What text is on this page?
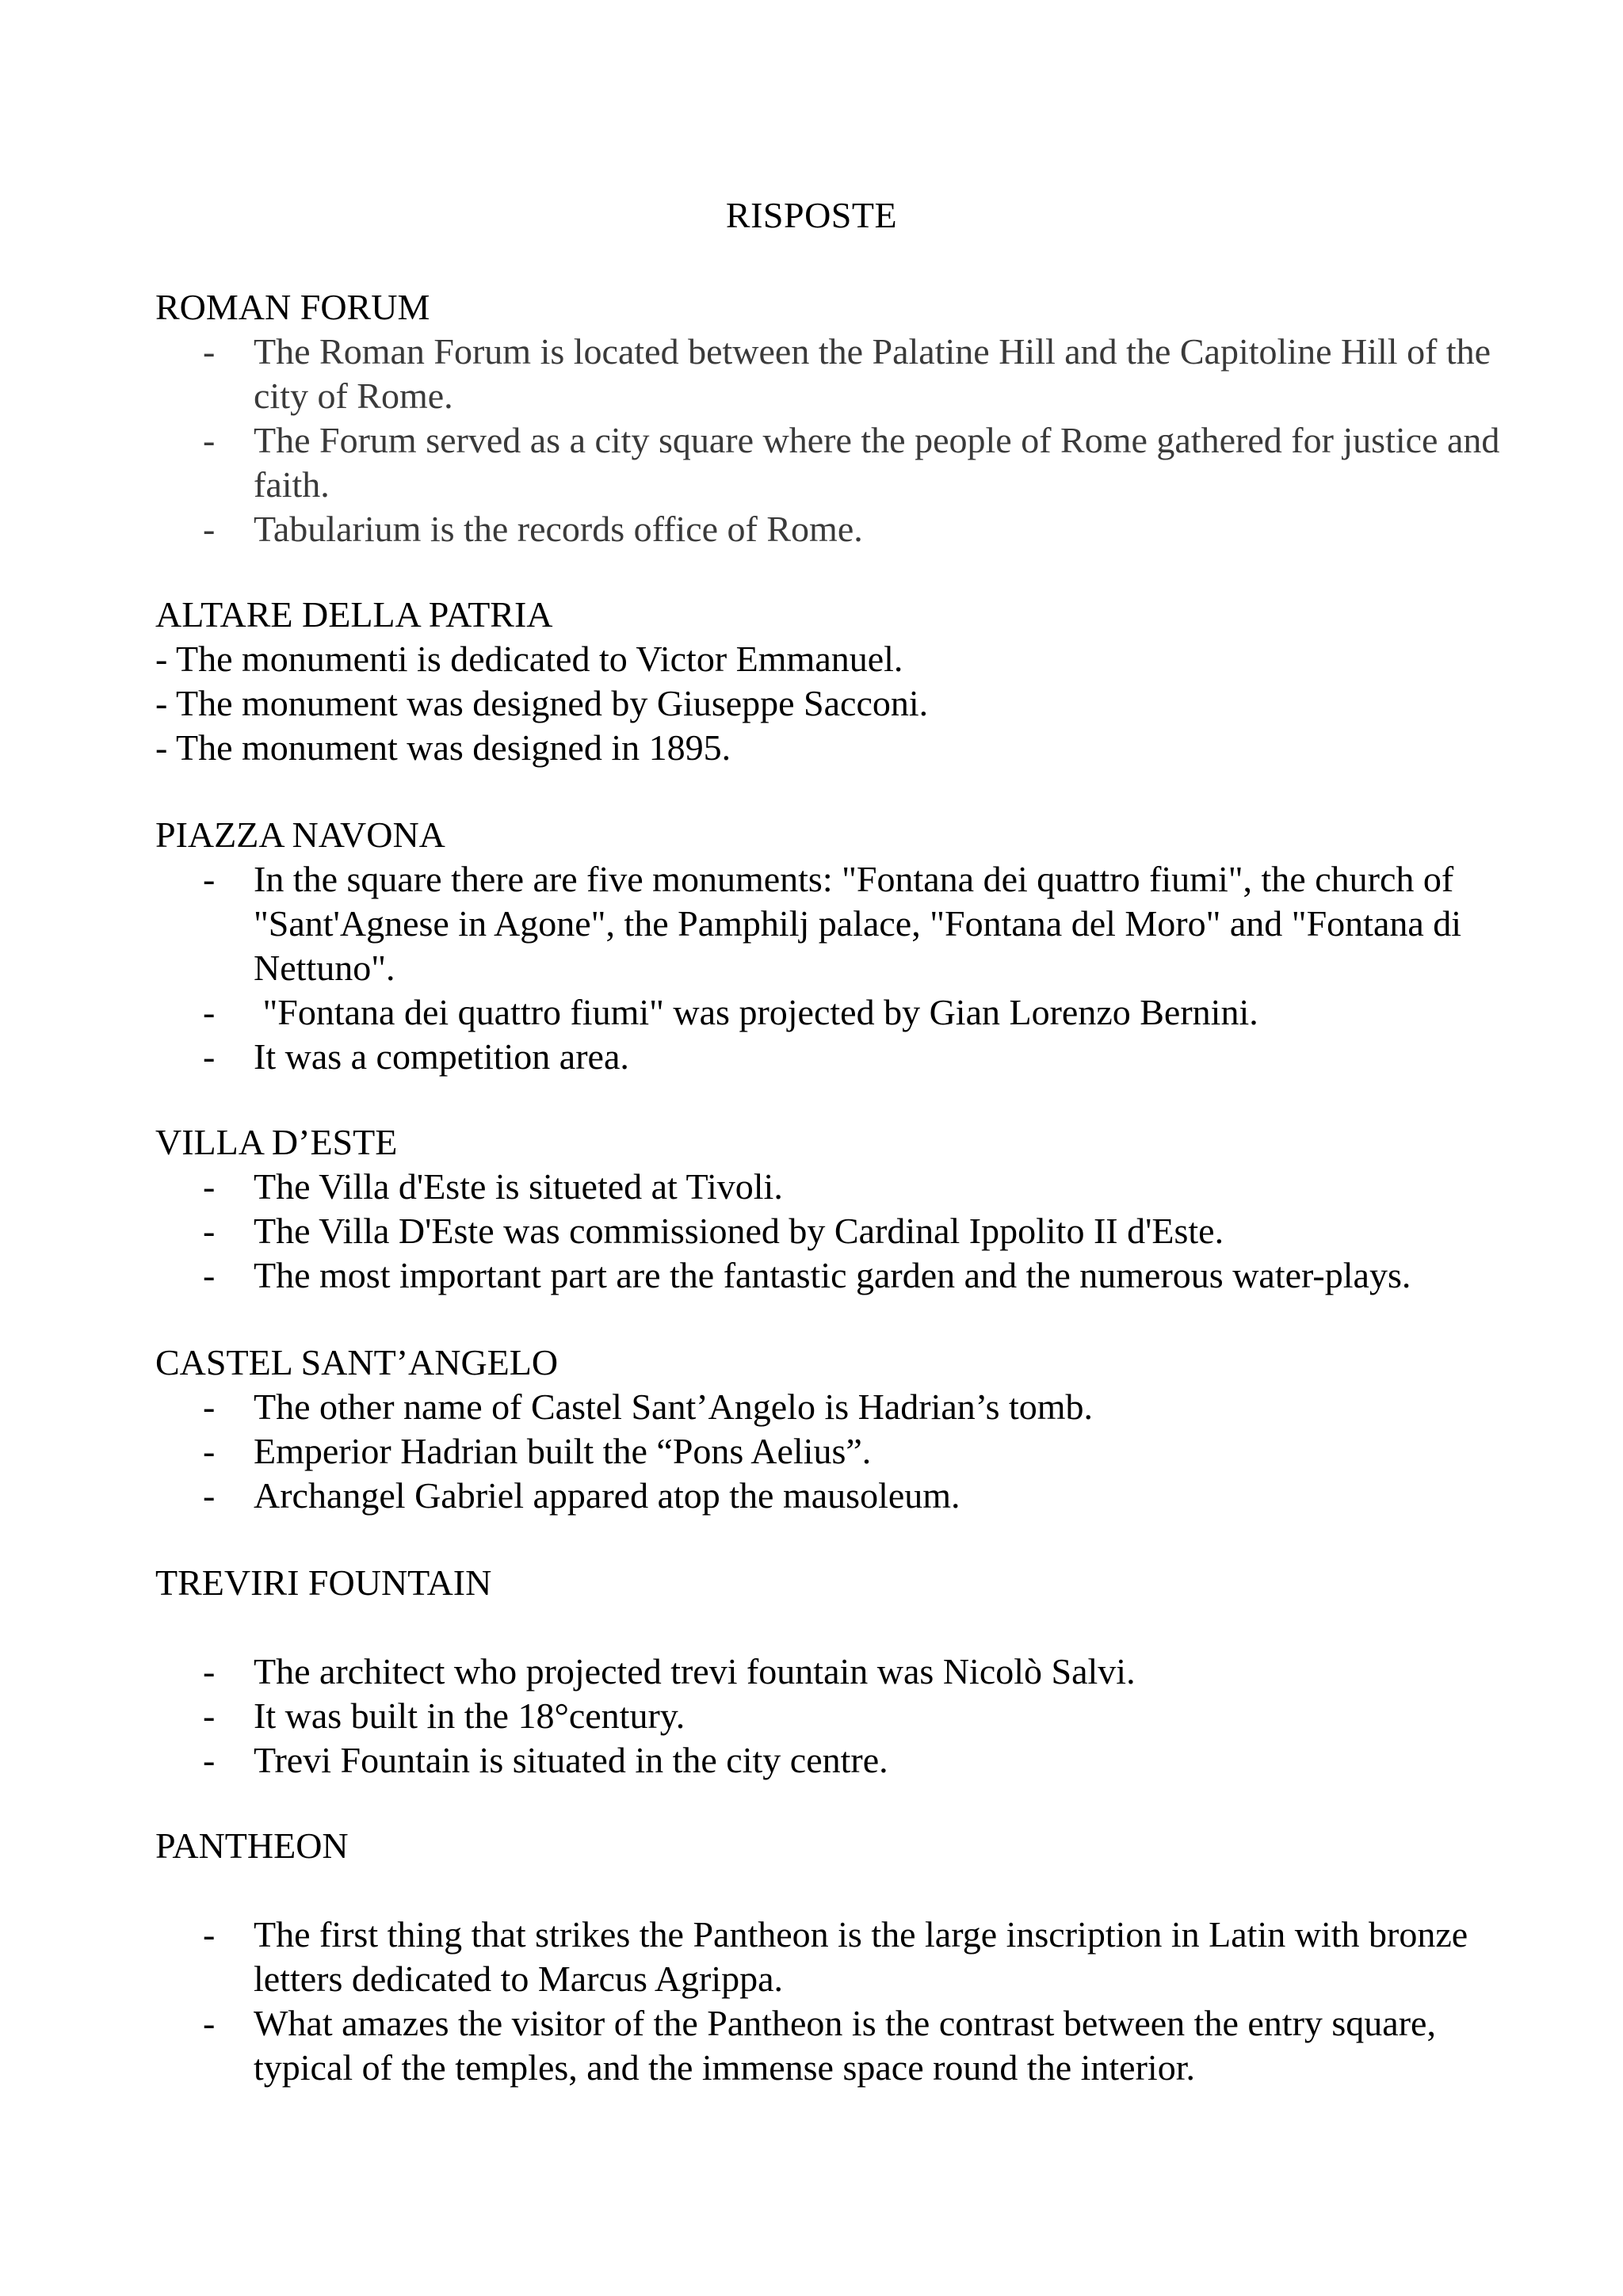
RISPOSTE
ROMAN FORUM
- The Roman Forum is located between the Palatine Hill and the Capitoline Hill of the city of Rome.
- The Forum served as a city square where the people of Rome gathered for justice and faith.
- Tabularium is the records office of Rome.
ALTARE DELLA PATRIA
- The monumenti is dedicated to Victor Emmanuel.
- The monument was designed by Giuseppe Sacconi.
- The monument was designed in 1895.
PIAZZA NAVONA
- In the square there are five monuments: "Fontana dei quattro fiumi", the church of "Sant'Agnese in Agone", the Pamphilj palace, "Fontana del Moro" and "Fontana di Nettuno".
- "Fontana dei quattro fiumi" was projected by Gian Lorenzo Bernini.
- It was a competition area.
VILLA D’ESTE
- The Villa d'Este is situeted at Tivoli.
- The Villa D'Este was commissioned by Cardinal Ippolito II d'Este.
- The most important part are the fantastic garden and the numerous water-plays.
CASTEL SANT’ANGELO
- The other name of Castel Sant’Angelo is Hadrian’s tomb.
- Emperior Hadrian built the “Pons Aelius”.
- Archangel Gabriel appared atop the mausoleum.
TREVIRI FOUNTAIN
- The architect who projected trevi fountain was Nicolò Salvi.
- It was built in the 18°century.
- Trevi Fountain is situated in the city centre.
PANTHEON
- The first thing that strikes the Pantheon is the large inscription in Latin with bronze letters dedicated to Marcus Agrippa.
- What amazes the visitor of the Pantheon is the contrast between the entry square, typical of the temples, and the immense space round the interior.
